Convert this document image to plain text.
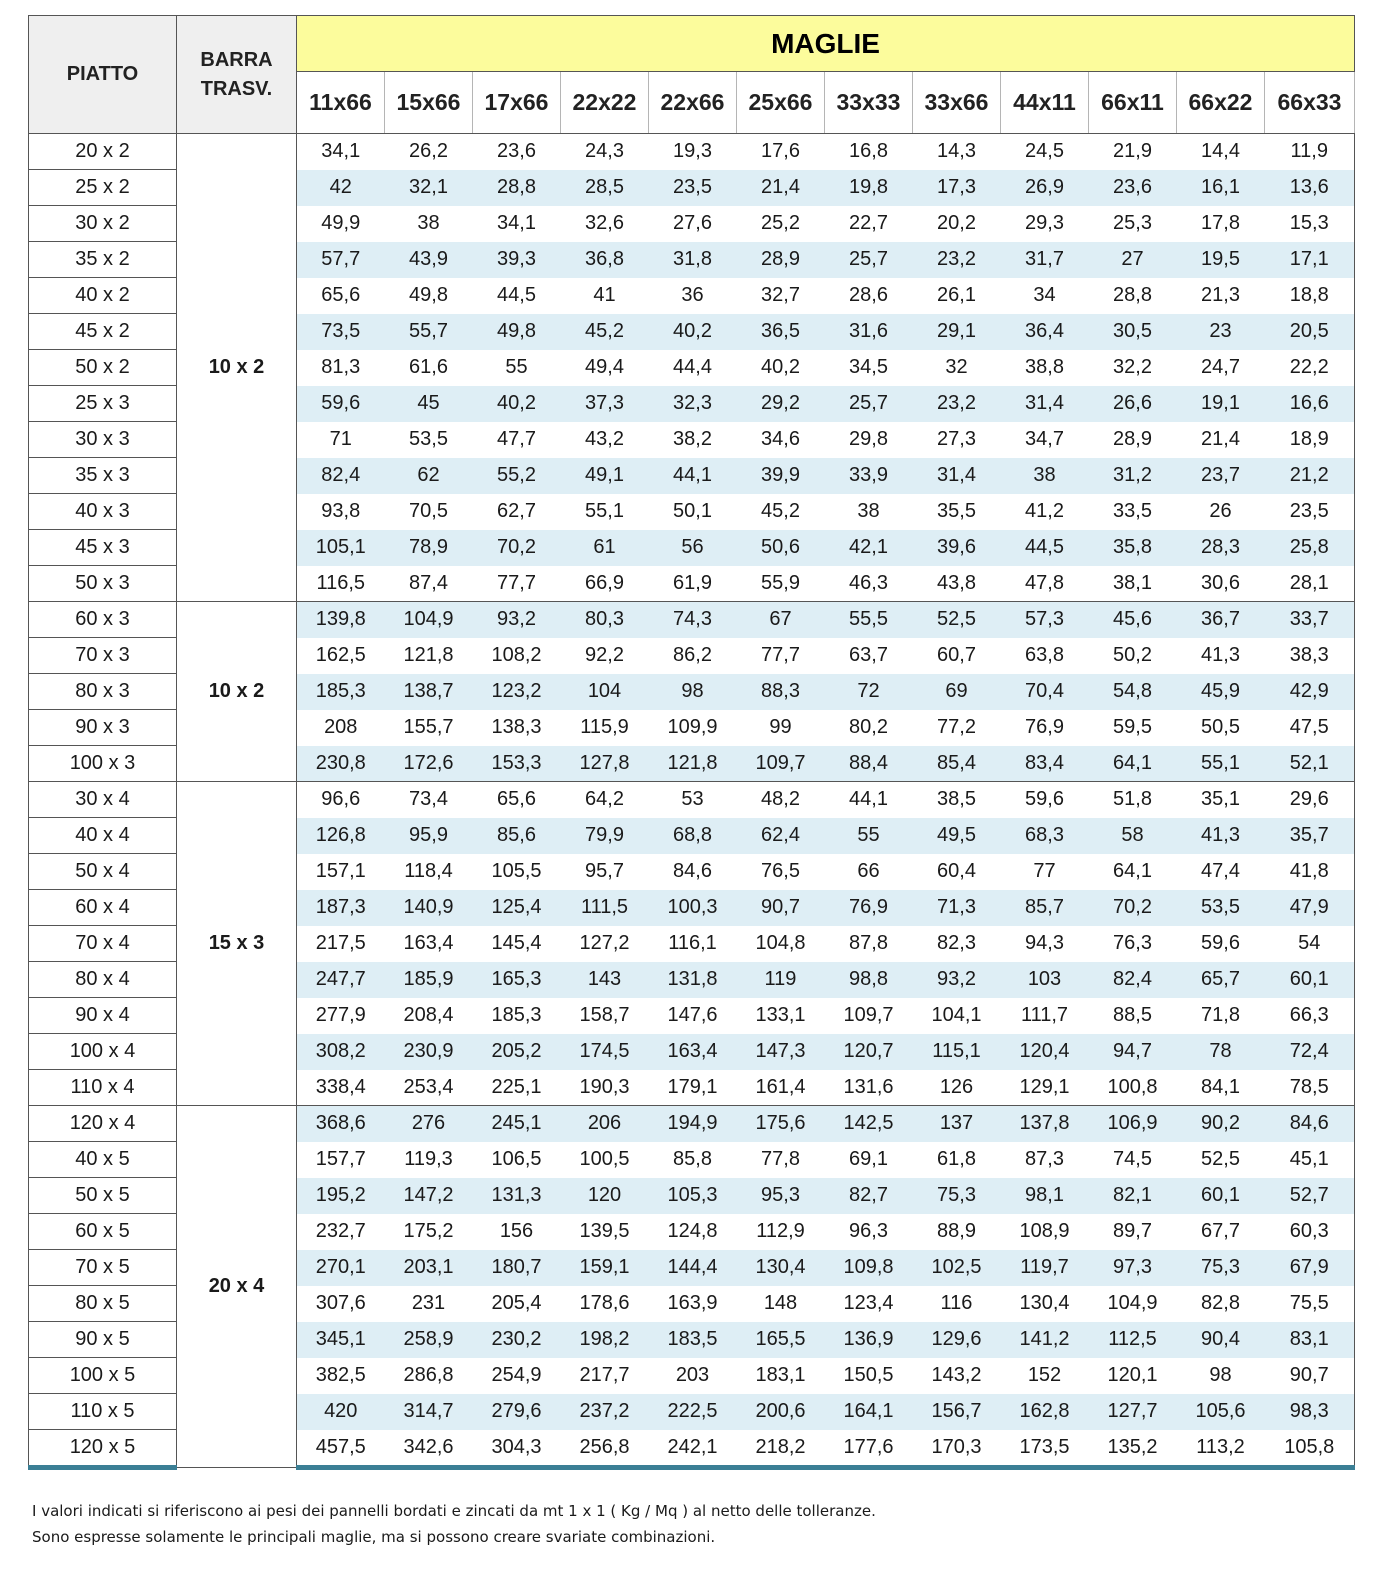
PIATTO	BARRA
TRASV.	MAGLIE											
		11x66	15x66	17x66	22x22	22x66	25x66	33x33	33x66	44x11	66x11	66x22	66x33
20 x 2	10 x 2	34,1	26,2	23,6	24,3	19,3	17,6	16,8	14,3	24,5	21,9	14,4	11,9
25 x 2		42	32,1	28,8	28,5	23,5	21,4	19,8	17,3	26,9	23,6	16,1	13,6
30 x 2		49,9	38	34,1	32,6	27,6	25,2	22,7	20,2	29,3	25,3	17,8	15,3
35 x 2		57,7	43,9	39,3	36,8	31,8	28,9	25,7	23,2	31,7	27	19,5	17,1
40 x 2		65,6	49,8	44,5	41	36	32,7	28,6	26,1	34	28,8	21,3	18,8
45 x 2		73,5	55,7	49,8	45,2	40,2	36,5	31,6	29,1	36,4	30,5	23	20,5
50 x 2		81,3	61,6	55	49,4	44,4	40,2	34,5	32	38,8	32,2	24,7	22,2
25 x 3		59,6	45	40,2	37,3	32,3	29,2	25,7	23,2	31,4	26,6	19,1	16,6
30 x 3		71	53,5	47,7	43,2	38,2	34,6	29,8	27,3	34,7	28,9	21,4	18,9
35 x 3		82,4	62	55,2	49,1	44,1	39,9	33,9	31,4	38	31,2	23,7	21,2
40 x 3		93,8	70,5	62,7	55,1	50,1	45,2	38	35,5	41,2	33,5	26	23,5
45 x 3		105,1	78,9	70,2	61	56	50,6	42,1	39,6	44,5	35,8	28,3	25,8
50 x 3		116,5	87,4	77,7	66,9	61,9	55,9	46,3	43,8	47,8	38,1	30,6	28,1
60 x 3	10 x 2	139,8	104,9	93,2	80,3	74,3	67	55,5	52,5	57,3	45,6	36,7	33,7
70 x 3		162,5	121,8	108,2	92,2	86,2	77,7	63,7	60,7	63,8	50,2	41,3	38,3
80 x 3		185,3	138,7	123,2	104	98	88,3	72	69	70,4	54,8	45,9	42,9
90 x 3		208	155,7	138,3	115,9	109,9	99	80,2	77,2	76,9	59,5	50,5	47,5
100 x 3		230,8	172,6	153,3	127,8	121,8	109,7	88,4	85,4	83,4	64,1	55,1	52,1
30 x 4	15 x 3	96,6	73,4	65,6	64,2	53	48,2	44,1	38,5	59,6	51,8	35,1	29,6
40 x 4		126,8	95,9	85,6	79,9	68,8	62,4	55	49,5	68,3	58	41,3	35,7
50 x 4		157,1	118,4	105,5	95,7	84,6	76,5	66	60,4	77	64,1	47,4	41,8
60 x 4		187,3	140,9	125,4	111,5	100,3	90,7	76,9	71,3	85,7	70,2	53,5	47,9
70 x 4		217,5	163,4	145,4	127,2	116,1	104,8	87,8	82,3	94,3	76,3	59,6	54
80 x 4		247,7	185,9	165,3	143	131,8	119	98,8	93,2	103	82,4	65,7	60,1
90 x 4		277,9	208,4	185,3	158,7	147,6	133,1	109,7	104,1	111,7	88,5	71,8	66,3
100 x 4		308,2	230,9	205,2	174,5	163,4	147,3	120,7	115,1	120,4	94,7	78	72,4
110 x 4		338,4	253,4	225,1	190,3	179,1	161,4	131,6	126	129,1	100,8	84,1	78,5
120 x 4	20 x 4	368,6	276	245,1	206	194,9	175,6	142,5	137	137,8	106,9	90,2	84,6
40 x 5		157,7	119,3	106,5	100,5	85,8	77,8	69,1	61,8	87,3	74,5	52,5	45,1
50 x 5		195,2	147,2	131,3	120	105,3	95,3	82,7	75,3	98,1	82,1	60,1	52,7
60 x 5		232,7	175,2	156	139,5	124,8	112,9	96,3	88,9	108,9	89,7	67,7	60,3
70 x 5		270,1	203,1	180,7	159,1	144,4	130,4	109,8	102,5	119,7	97,3	75,3	67,9
80 x 5		307,6	231	205,4	178,6	163,9	148	123,4	116	130,4	104,9	82,8	75,5
90 x 5		345,1	258,9	230,2	198,2	183,5	165,5	136,9	129,6	141,2	112,5	90,4	83,1
100 x 5		382,5	286,8	254,9	217,7	203	183,1	150,5	143,2	152	120,1	98	90,7
110 x 5		420	314,7	279,6	237,2	222,5	200,6	164,1	156,7	162,8	127,7	105,6	98,3
120 x 5		457,5	342,6	304,3	256,8	242,1	218,2	177,6	170,3	173,5	135,2	113,2	105,8

I valori indicati si riferiscono ai pesi dei pannelli bordati e zincati da mt 1 x 1 ( Kg / Mq ) al netto delle tolleranze.

Sono espresse solamente le principali maglie, ma si possono creare svariate combinazioni.
